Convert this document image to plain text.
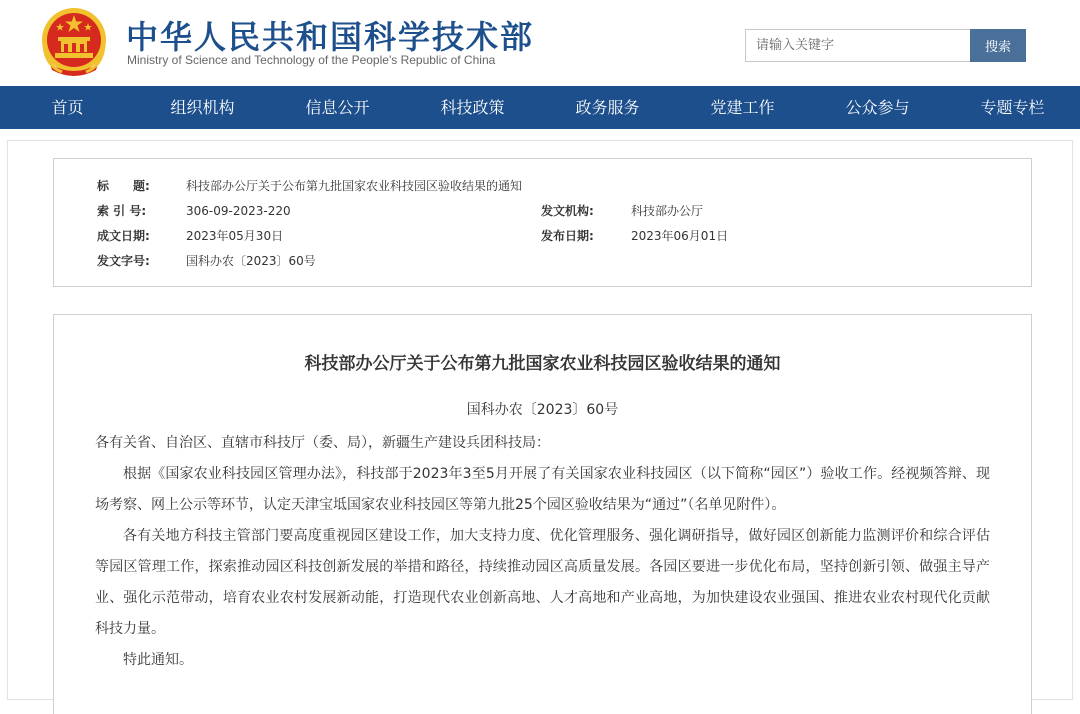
中华人民共和国科学技术部
Ministry of Science and Technology of the People's Republic of China
请输入关键字
搜索
首页	组织机构	信息公开	科技政策	政务服务	党建工作	公众参与	专题专栏
标　　题:	科技部办公厅关于公布第九批国家农业科技园区验收结果的通知
索 引 号:	306-09-2023-220	发文机构:	科技部办公厅
成文日期:	2023年05月30日	发布日期:	2023年06月01日
发文字号:	国科办农〔2023〕60号
科技部办公厅关于公布第九批国家农业科技园区验收结果的通知
国科办农〔2023〕60号

各有关省、自治区、直辖市科技厅（委、局），新疆生产建设兵团科技局：

根据《国家农业科技园区管理办法》，科技部于2023年3至5月开展了有关国家农业科技园区（以下简称“园区”）验收工作。经视频答辩、现场考察、网上公示等环节，认定天津宝坻国家农业科技园区等第九批25个园区验收结果为“通过”（名单见附件）。

各有关地方科技主管部门要高度重视园区建设工作，加大支持力度、优化管理服务、强化调研指导，做好园区创新能力监测评价和综合评估等园区管理工作，探索推动园区科技创新发展的举措和路径，持续推动园区高质量发展。各园区要进一步优化布局，坚持创新引领、做强主导产业、强化示范带动，培育农业农村发展新动能，打造现代农业创新高地、人才高地和产业高地，为加快建设农业强国、推进农业农村现代化贡献科技力量。

特此通知。
